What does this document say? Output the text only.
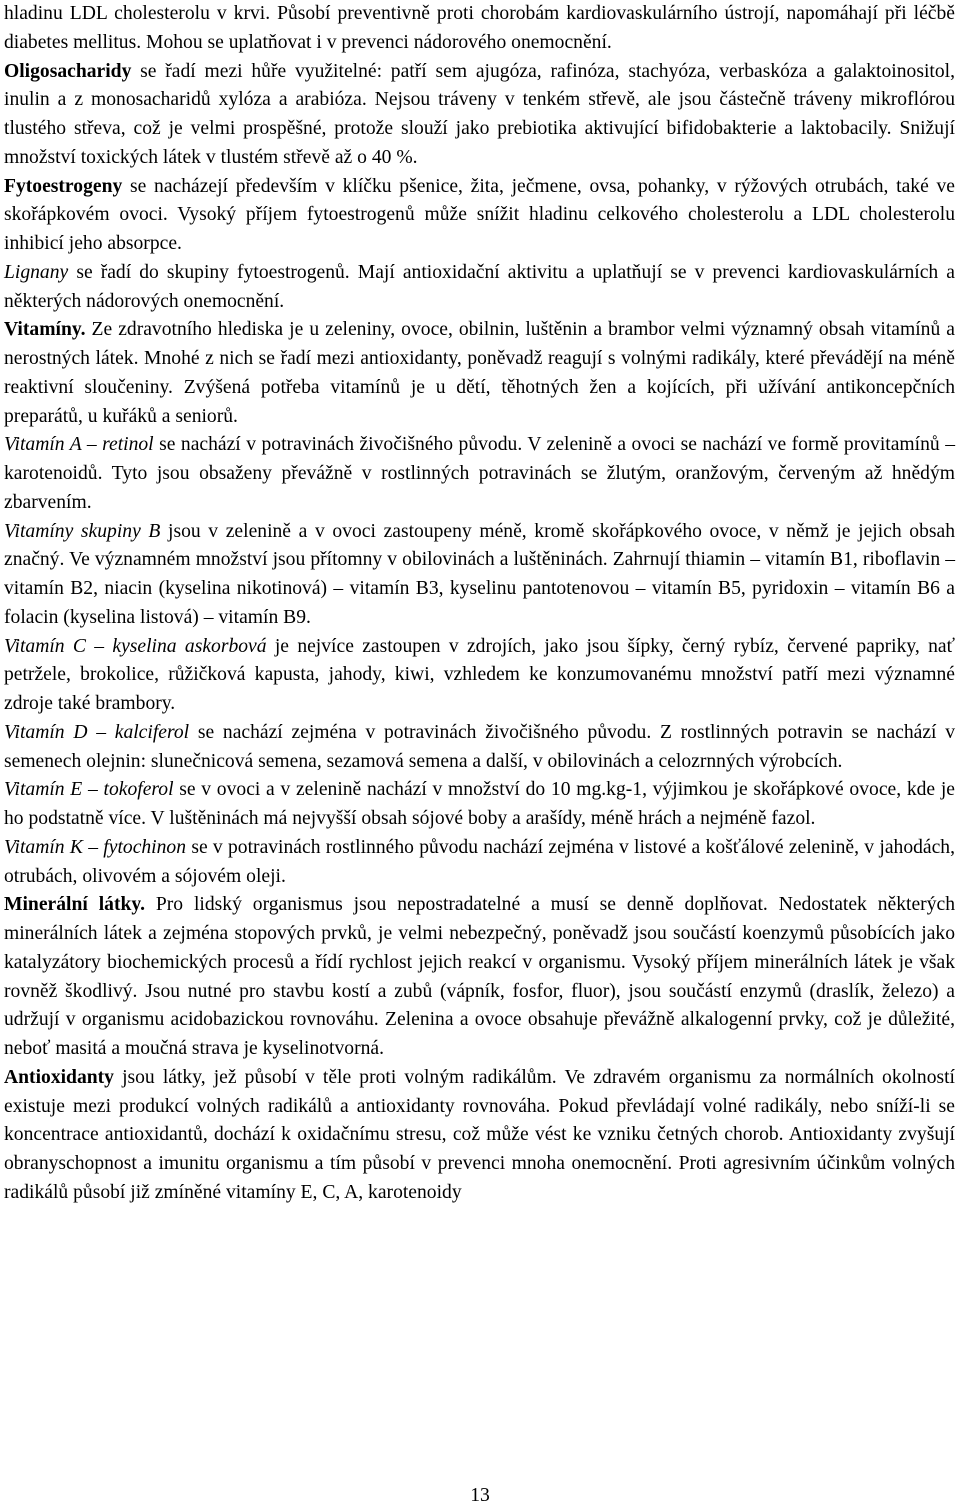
hladinu LDL cholesterolu v krvi. Působí preventivně proti chorobám kardiovaskulárního ústrojí, napomáhají při léčbě diabetes mellitus. Mohou se uplatňovat i v prevenci nádorového onemocnění.

Oligosacharidy se řadí mezi hůře využitelné: patří sem ajugóza, rafinóza, stachyóza, verbaskóza a galaktoinositol, inulin a z monosacharidů xylóza a arabióza. Nejsou tráveny v tenkém střevě, ale jsou částečně tráveny mikroflórou tlustého střeva, což je velmi prospěšné, protože slouží jako prebiotika aktivující bifidobakterie a laktobacily. Snižují množství toxických látek v tlustém střevě až o 40 %.

Fytoestrogeny se nacházejí především v klíčku pšenice, žita, ječmene, ovsa, pohanky, v rýžových otrubách, také ve skořápkovém ovoci. Vysoký příjem fytoestrogenů může snížit hladinu celkového cholesterolu a LDL cholesterolu inhibicí jeho absorpce.

Lignany se řadí do skupiny fytoestrogenů. Mají antioxidační aktivitu a uplatňují se v prevenci kardiovaskulárních a některých nádorových onemocnění.

Vitamíny. Ze zdravotního hlediska je u zeleniny, ovoce, obilnin, luštěnin a brambor velmi významný obsah vitamínů a nerostných látek. Mnohé z nich se řadí mezi antioxidanty, poněvadž reagují s volnými radikály, které převádějí na méně reaktivní sloučeniny. Zvýšená potřeba vitamínů je u dětí, těhotných žen a kojících, při užívání antikoncepčních preparátů, u kuřáků a seniorů.

Vitamín A – retinol se nachází v potravinách živočišného původu. V zelenině a ovoci se nachází ve formě provitamínů – karotenoidů. Tyto jsou obsaženy převážně v rostlinných potravinách se žlutým, oranžovým, červeným až hnědým zbarvením.

Vitamíny skupiny B jsou v zelenině a v ovoci zastoupeny méně, kromě skořápkového ovoce, v němž je jejich obsah značný. Ve významném množství jsou přítomny v obilovinách a luštěninách. Zahrnují thiamin – vitamín B1, riboflavin – vitamín B2, niacin (kyselina nikotinová) – vitamín B3, kyselinu pantotenovou – vitamín B5, pyridoxin – vitamín B6 a folacin (kyselina listová) – vitamín B9.

Vitamín C – kyselina askorbová je nejvíce zastoupen v zdrojích, jako jsou šípky, černý rybíz, červené papriky, nať petržele, brokolice, růžičková kapusta, jahody, kiwi, vzhledem ke konzumovanému množství patří mezi významné zdroje také brambory.

Vitamín D – kalciferol se nachází zejména v potravinách živočišného původu. Z rostlinných potravin se nachází v semenech olejnin: slunečnicová semena, sezamová semena a další, v obilovinách a celozrnných výrobcích.

Vitamín E – tokoferol se v ovoci a v zelenině nachází v množství do 10 mg.kg-1, výjimkou je skořápkové ovoce, kde je ho podstatně více. V luštěninách má nejvyšší obsah sójové boby a arašídy, méně hrách a nejméně fazol.

Vitamín K – fytochinon se v potravinách rostlinného původu nachází zejména v listové a košťálové zelenině, v jahodách, otrubách, olivovém a sójovém oleji.

Minerální látky. Pro lidský organismus jsou nepostradatelné a musí se denně doplňovat. Nedostatek některých minerálních látek a zejména stopových prvků, je velmi nebezpečný, poněvadž jsou součástí koenzymů působících jako katalyzátory biochemických procesů a řídí rychlost jejich reakcí v organismu. Vysoký příjem minerálních látek je však rovněž škodlivý. Jsou nutné pro stavbu kostí a zubů (vápník, fosfor, fluor), jsou součástí enzymů (draslík, železo) a udržují v organismu acidobazickou rovnováhu. Zelenina a ovoce obsahuje převážně alkalogenní prvky, což je důležité, neboť masitá a moučná strava je kyselinotvorná.

Antioxidanty jsou látky, jež působí v těle proti volným radikálům. Ve zdravém organismu za normálních okolností existuje mezi produkcí volných radikálů a antioxidanty rovnováha. Pokud převládají volné radikály, nebo sníží-li se koncentrace antioxidantů, dochází k oxidačnímu stresu, což může vést ke vzniku četných chorob. Antioxidanty zvyšují obranyschopnost a imunitu organismu a tím působí v prevenci mnoha onemocnění. Proti agresivním účinkům volných radikálů působí již zmíněné vitamíny E, C, A, karotenoidy

13
